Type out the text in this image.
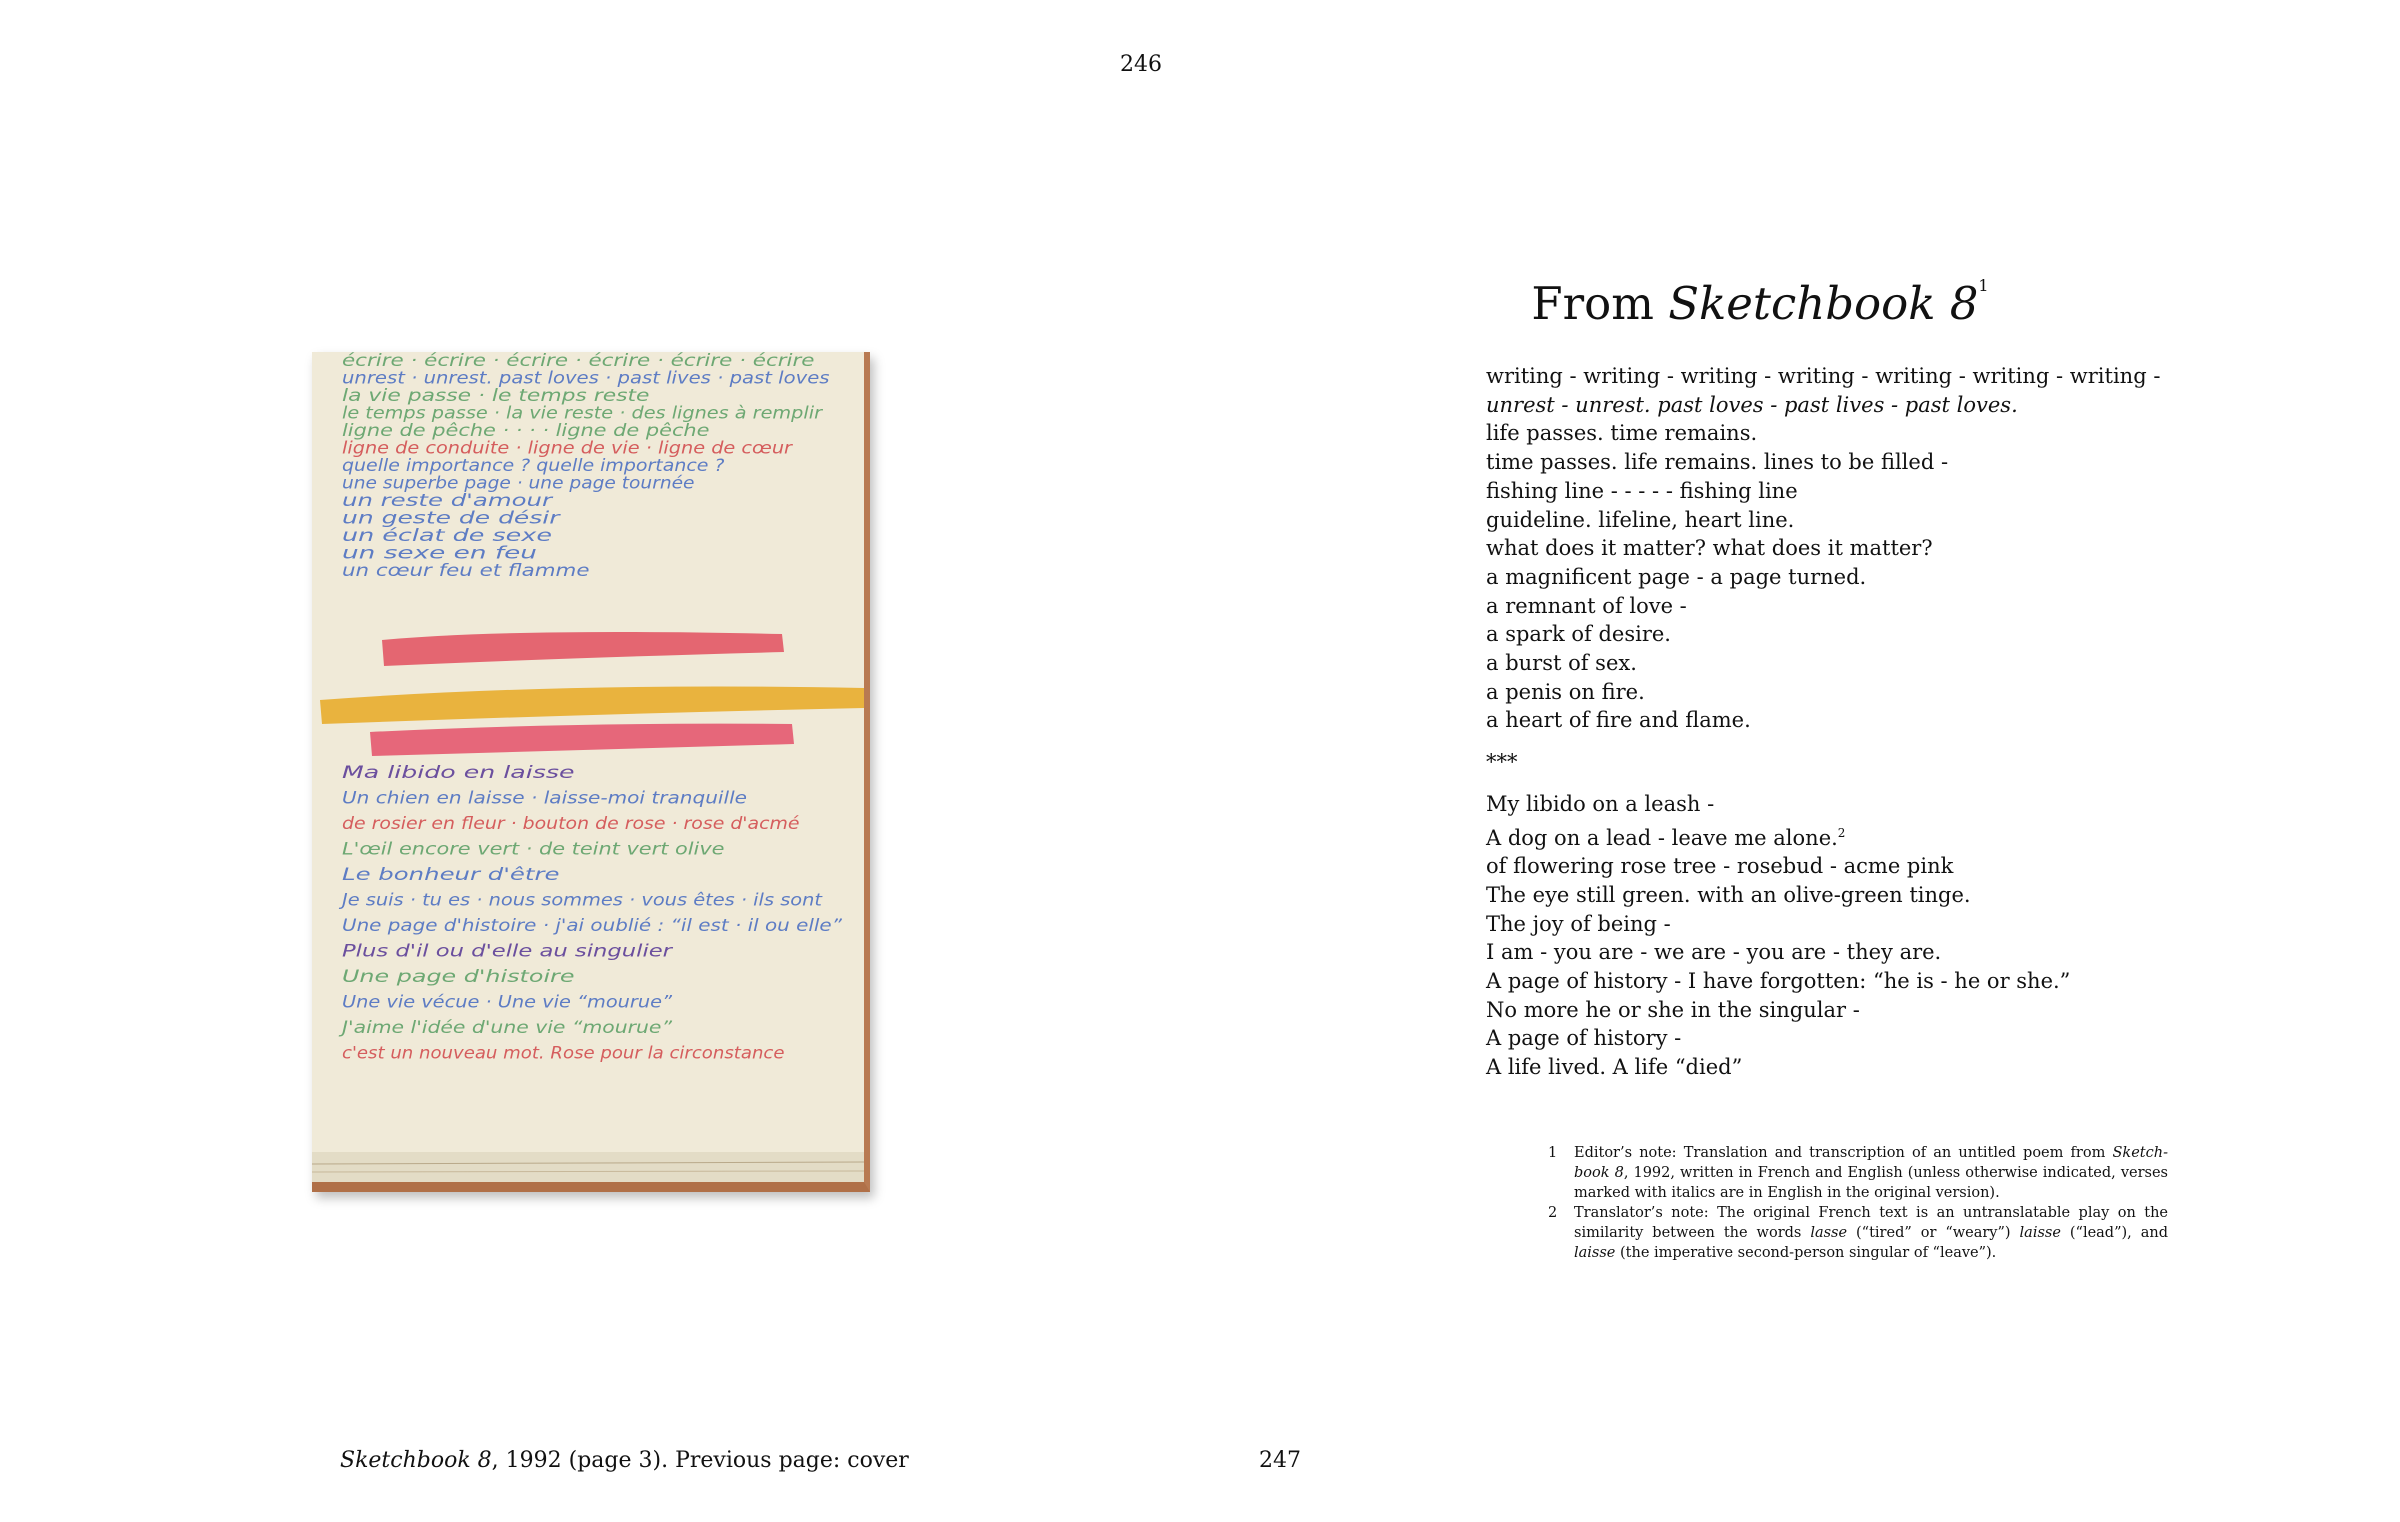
246
247
Sketchbook 8, 1992 (page 3). Previous page: cover
écrire · écrire · écrire · écrire · écrire · écrire
unrest · unrest. past loves · past lives · past loves
la vie passe · le temps reste
le temps passe · la vie reste · des lignes à remplir
ligne de pêche · · · · ligne de pêche
ligne de conduite · ligne de vie · ligne de cœur
quelle importance ? quelle importance ?
une superbe page · une page tournée
un reste d'amour
un geste de désir
un éclat de sexe
un sexe en feu
un cœur feu et flamme
Ma libido en laisse
Un chien en laisse · laisse-moi tranquille
de rosier en fleur · bouton de rose · rose d'acmé
L'œil encore vert · de teint vert olive
Le bonheur d'être
Je suis · tu es · nous sommes · vous êtes · ils sont
Une page d'histoire · j'ai oublié : “il est · il ou elle”
Plus d'il ou d'elle au singulier
Une page d'histoire
Une vie vécue · Une vie “mourue”
J'aime l'idée d'une vie “mourue”
c'est un nouveau mot. Rose pour la circonstance
From Sketchbook $8^1$
writing - writing - writing - writing - writing - writing - writing -
unrest - unrest. past loves - past lives - past loves.
life passes. time remains.
time passes. life remains. lines to be filled -
fishing line - - - - - fishing line
guideline. lifeline, heart line.
what does it matter? what does it matter?
a magnificent page - a page turned.
a remnant of love -
a spark of desire.
a burst of sex.
a penis on fire.
a heart of fire and flame.
***
My libido on a leash -
A dog on a lead - leave me alone.$^2$
of flowering rose tree - rosebud - acme pink
The eye still green. with an olive-green tinge.
The joy of being -
I am - you are - we are - you are - they are.
A page of history - I have forgotten: “he is - he or she.”
No more he or she in the singular -
A page of history -
A life lived. A life “died”
1	Editor’s note: Translation and transcription of an untitled poem from Sketch-book 8, 1992, written in French and English (unless otherwise indicated, verses marked with italics are in English in the original version).
2	Translator’s note: The original French text is an untranslatable play on the similarity between the words lasse (“tired” or “weary”) laisse (“lead”), and laisse (the imperative second-person singular of “leave”).
